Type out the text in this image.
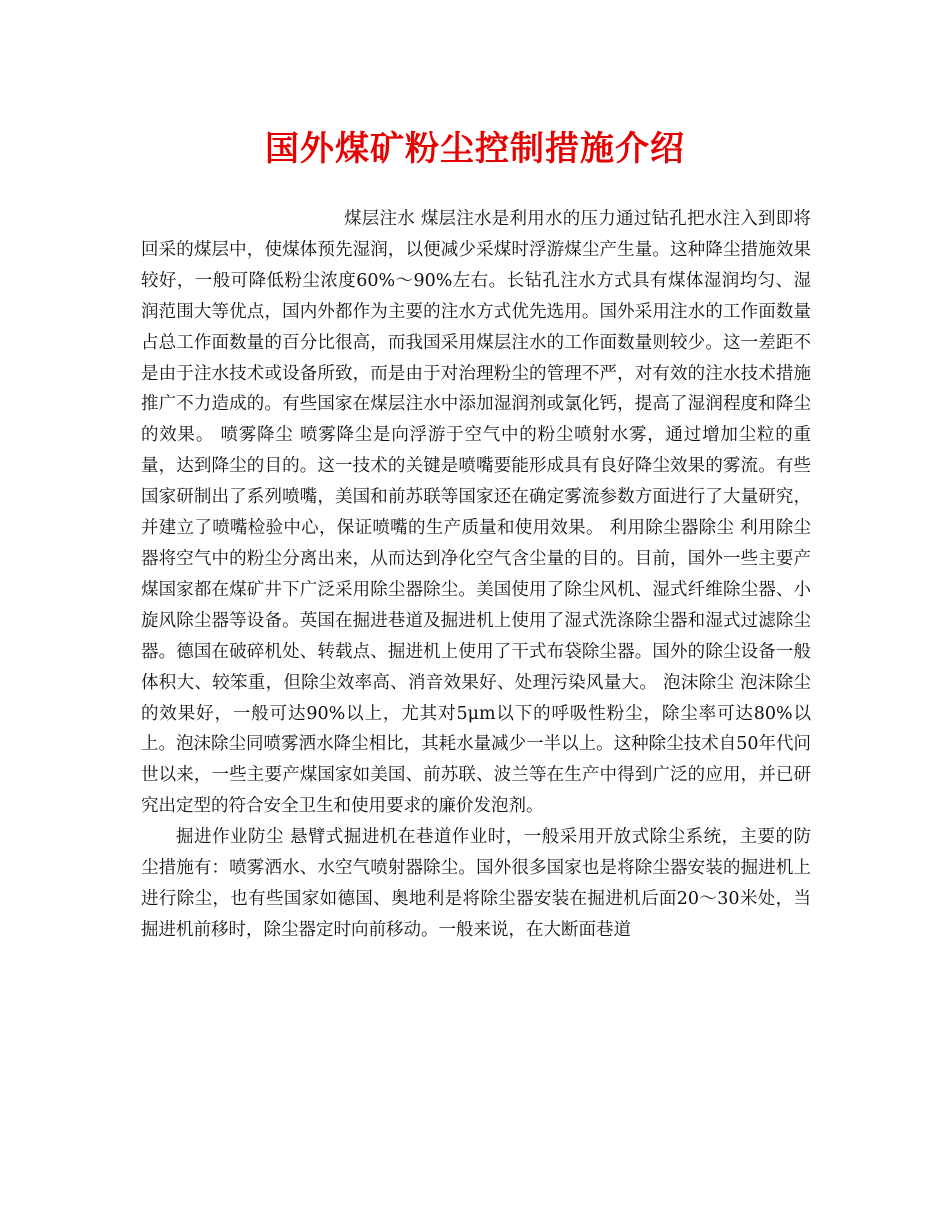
国外煤矿粉尘控制措施介绍

煤层注水 煤层注水是利用水的压力通过钻孔把水注入到即将回采的煤层中，使煤体预先湿润，以便减少采煤时浮游煤尘产生量。这种降尘措施效果较好，一般可降低粉尘浓度60%～90%左右。长钻孔注水方式具有煤体湿润均匀、湿润范围大等优点，国内外都作为主要的注水方式优先选用。国外采用注水的工作面数量占总工作面数量的百分比很高，而我国采用煤层注水的工作面数量则较少。这一差距不是由于注水技术或设备所致，而是由于对治理粉尘的管理不严，对有效的注水技术措施推广不力造成的。有些国家在煤层注水中添加湿润剂或氯化钙，提高了湿润程度和降尘的效果。 喷雾降尘 喷雾降尘是向浮游于空气中的粉尘喷射水雾，通过增加尘粒的重量，达到降尘的目的。这一技术的关键是喷嘴要能形成具有良好降尘效果的雾流。有些国家研制出了系列喷嘴，美国和前苏联等国家还在确定雾流参数方面进行了大量研究，并建立了喷嘴检验中心，保证喷嘴的生产质量和使用效果。 利用除尘器除尘 利用除尘器将空气中的粉尘分离出来，从而达到净化空气含尘量的目的。目前，国外一些主要产煤国家都在煤矿井下广泛采用除尘器除尘。美国使用了除尘风机、湿式纤维除尘器、小旋风除尘器等设备。英国在掘进巷道及掘进机上使用了湿式洗涤除尘器和湿式过滤除尘器。德国在破碎机处、转载点、掘进机上使用了干式布袋除尘器。国外的除尘设备一般体积大、较笨重，但除尘效率高、消音效果好、处理污染风量大。 泡沫除尘 泡沫除尘的效果好，一般可达90%以上，尤其对5μm以下的呼吸性粉尘，除尘率可达80%以上。泡沫除尘同喷雾洒水降尘相比，其耗水量减少一半以上。这种除尘技术自50年代问世以来，一些主要产煤国家如美国、前苏联、波兰等在生产中得到广泛的应用，并已研究出定型的符合安全卫生和使用要求的廉价发泡剂。

掘进作业防尘 悬臂式掘进机在巷道作业时，一般采用开放式除尘系统，主要的防尘措施有：喷雾洒水、水空气喷射器除尘。国外很多国家也是将除尘器安装的掘进机上进行除尘，也有些国家如德国、奥地利是将除尘器安装在掘进机后面20～30米处，当掘进机前移时，除尘器定时向前移动。一般来说，在大断面巷道
